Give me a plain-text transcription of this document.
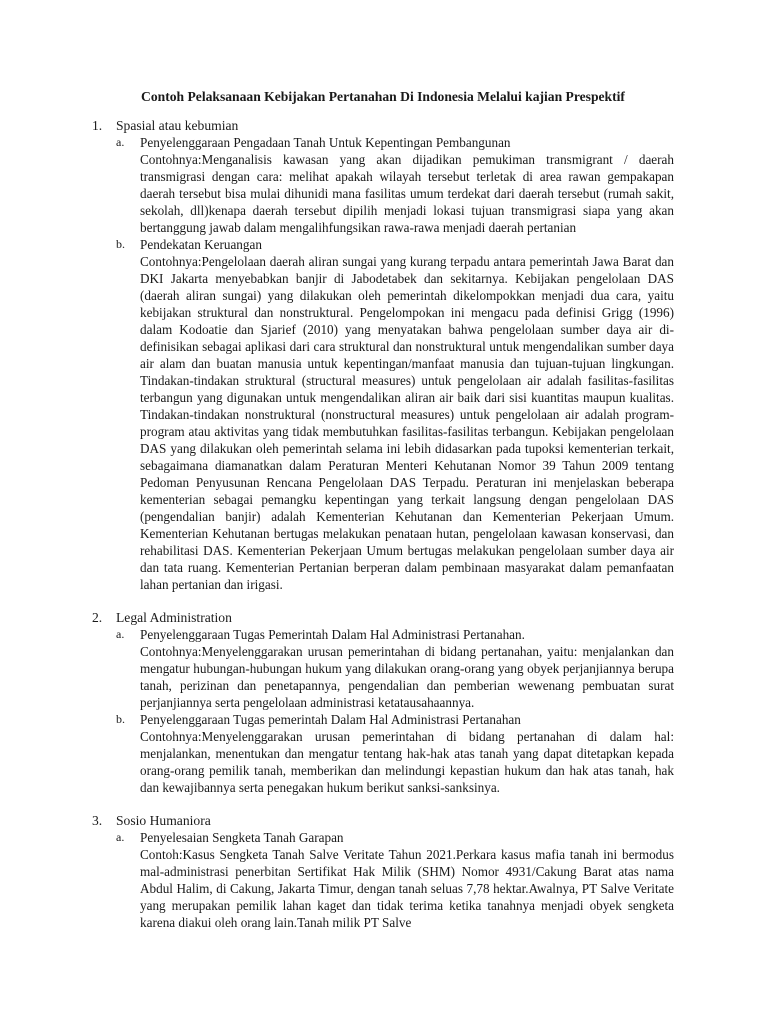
Contoh Pelaksanaan Kebijakan Pertanahan Di Indonesia Melalui kajian Prespektif
1.	Spasial atau kebumian
a.	Penyelenggaraan Pengadaan Tanah Untuk Kepentingan Pembangunan
Contohnya:Menganalisis kawasan yang akan dijadikan pemukiman transmigrant / daerah transmigrasi dengan cara: melihat apakah wilayah tersebut terletak di area rawan gempakapan daerah tersebut bisa mulai dihunidi mana fasilitas umum terdekat dari daerah tersebut (rumah sakit, sekolah, dll)kenapa daerah tersebut dipilih menjadi lokasi tujuan transmigrasi siapa yang akan bertanggung jawab dalam mengalihfungsikan rawa-rawa menjadi daerah pertanian
b.	Pendekatan Keruangan
Contohnya:Pengelolaan daerah aliran sungai yang kurang terpadu antara pemerintah Jawa Barat dan DKI Jakarta menyebabkan banjir di Jabodetabek dan sekitarnya. Kebijakan pengelolaan DAS (daerah aliran sungai) yang dilakukan oleh pemerintah dikelompokkan menjadi dua cara, yaitu kebijakan struktural dan nonstruktural. Pengelompokan ini mengacu pada definisi Grigg (1996) dalam Kodoatie dan Sjarief (2010) yang menyatakan bahwa pengelolaan sumber daya air di-definisikan sebagai aplikasi dari cara struktural dan nonstruktural untuk mengendalikan sumber daya air alam dan buatan manusia untuk kepentingan/manfaat manusia dan tujuan-tujuan lingkungan. Tindakan-tindakan struktural (structural measures) untuk pengelolaan air adalah fasilitas-fasilitas terbangun yang digunakan untuk mengendalikan aliran air baik dari sisi kuantitas maupun kualitas. Tindakan-tindakan nonstruktural (nonstructural measures) untuk pengelolaan air adalah program-program atau aktivitas yang tidak membutuhkan fasilitas-fasilitas terbangun. Kebijakan pengelolaan DAS yang dilakukan oleh pemerintah selama ini lebih didasarkan pada tupoksi kementerian terkait, sebagaimana diamanatkan dalam Peraturan Menteri Kehutanan Nomor 39 Tahun 2009 tentang Pedoman Penyusunan Rencana Pengelolaan DAS Terpadu. Peraturan ini menjelaskan beberapa kementerian sebagai pemangku kepentingan yang terkait langsung dengan pengelolaan DAS (pengendalian banjir) adalah Kementerian Kehutanan dan Kementerian Pekerjaan Umum. Kementerian Kehutanan bertugas melakukan penataan hutan, pengelolaan kawasan konservasi, dan rehabilitasi DAS. Kementerian Pekerjaan Umum bertugas melakukan pengelolaan sumber daya air dan tata ruang. Kementerian Pertanian berperan dalam pembinaan masyarakat dalam pemanfaatan lahan pertanian dan irigasi.
2.	Legal Administration
a.	Penyelenggaraan Tugas Pemerintah Dalam Hal Administrasi Pertanahan.
Contohnya:Menyelenggarakan urusan pemerintahan di bidang pertanahan, yaitu: menjalankan dan mengatur hubungan-hubungan hukum yang dilakukan orang-orang yang obyek perjanjiannya berupa tanah, perizinan dan penetapannya, pengendalian dan pemberian wewenang pembuatan surat perjanjiannya serta pengelolaan administrasi ketatausahaannya.
b.	Penyelenggaraan Tugas pemerintah Dalam Hal Administrasi Pertanahan
Contohnya:Menyelenggarakan urusan pemerintahan di bidang pertanahan di dalam hal: menjalankan, menentukan dan mengatur tentang hak-hak atas tanah yang dapat ditetapkan kepada orang-orang pemilik tanah, memberikan dan melindungi kepastian hukum dan hak atas tanah, hak dan kewajibannya serta penegakan hukum berikut sanksi-sanksinya.
3.	Sosio Humaniora
a.	Penyelesaian Sengketa Tanah Garapan
Contoh:Kasus Sengketa Tanah Salve Veritate Tahun 2021.Perkara kasus mafia tanah ini bermodus mal-administrasi penerbitan Sertifikat Hak Milik (SHM) Nomor 4931/Cakung Barat atas nama Abdul Halim, di Cakung, Jakarta Timur, dengan tanah seluas 7,78 hektar.Awalnya, PT Salve Veritate yang merupakan pemilik lahan kaget dan tidak terima ketika tanahnya menjadi obyek sengketa karena diakui oleh orang lain.Tanah milik PT Salve
